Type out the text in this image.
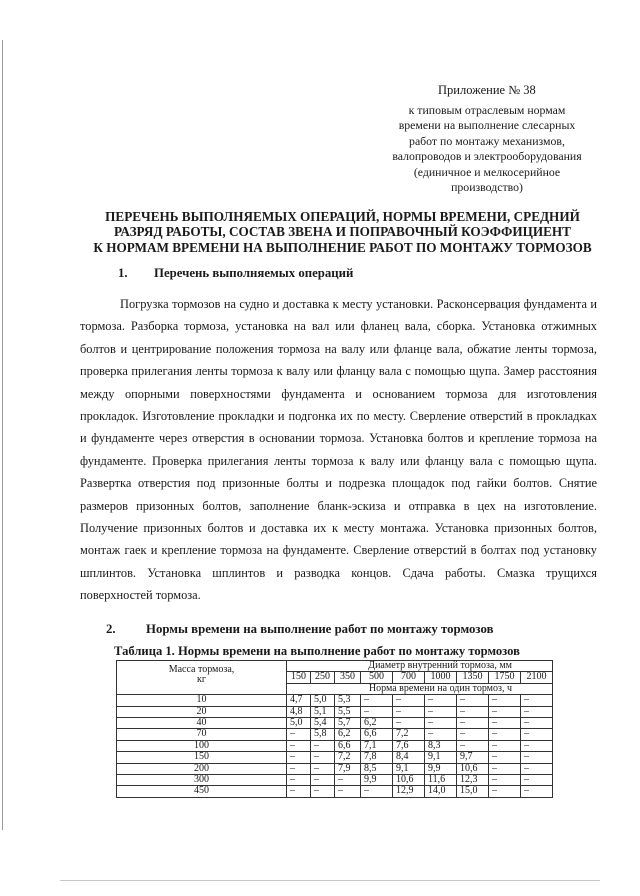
Приложение № 38
к типовым отраслевым нормам
времени на выполнение слесарных
работ по монтажу механизмов,
валопроводов и электрооборудования
(единичное и мелкосерийное
производство)
ПЕРЕЧЕНЬ ВЫПОЛНЯЕМЫХ ОПЕРАЦИЙ, НОРМЫ ВРЕМЕНИ, СРЕДНИЙ
РАЗРЯД РАБОТЫ, СОСТАВ ЗВЕНА И ПОПРАВОЧНЫЙ КОЭФФИЦИЕНТ
К НОРМАМ ВРЕМЕНИ НА ВЫПОЛНЕНИЕ РАБОТ ПО МОНТАЖУ ТОРМОЗОВ
1. Перечень выполняемых операций
Погрузка тормозов на судно и доставка к месту установки. Расконсервация фундамента и тормоза. Разборка тормоза, установка на вал или фланец вала, сборка. Установка отжимных болтов и центрирование положения тормоза на валу или фланце вала, обжатие ленты тормоза, проверка прилегания ленты тормоза к валу или фланцу вала с помощью щупа. Замер расстояния между опорными поверхностями фундамента и основанием тормоза для изготовления прокладок. Изготовление прокладки и подгонка их по месту. Сверление отверстий в прокладках и фундаменте через отверстия в основании тормоза. Установка болтов и крепление тормоза на фундаменте. Проверка прилегания ленты тормоза к валу или фланцу вала с помощью щупа. Развертка отверстия под призонные болты и подрезка площадок под гайки болтов. Снятие размеров призонных болтов, заполнение бланк-эскиза и отправка в цех на изготовление. Получение призонных болтов и доставка их к месту монтажа. Установка призонных болтов, монтаж гаек и крепление тормоза на фундаменте. Сверление отверстий в болтах под установку шплинтов. Установка шплинтов и разводка концов. Сдача работы. Смазка трущихся поверхностей тормоза.
2. Нормы времени на выполнение работ по монтажу тормозов
Таблица 1. Нормы времени на выполнение работ по монтажу тормозов
Масса тормоза,
кг	Диаметр внутренний тормоза, мм								
	150	250	350	500	700	1000	1350	1750	2100
	Норма времени на один тормоз, ч								
10	4,7	5,0	5,3	–	–	–	–	–	–
20	4,8	5,1	5,5	–	–	–	–	–	–
40	5,0	5,4	5,7	6,2	–	–	–	–	–
70	–	5,8	6,2	6,6	7,2	–	–	–	–
100	–	–	6,6	7,1	7,6	8,3	–	–	–
150	–	–	7,2	7,8	8,4	9,1	9,7	–	–
200	–	–	7,9	8,5	9,1	9,9	10,6	–	–
300	–	–	–	9,9	10,6	11,6	12,3	–	–
450	–	–	–	–	12,9	14,0	15,0	–	–
